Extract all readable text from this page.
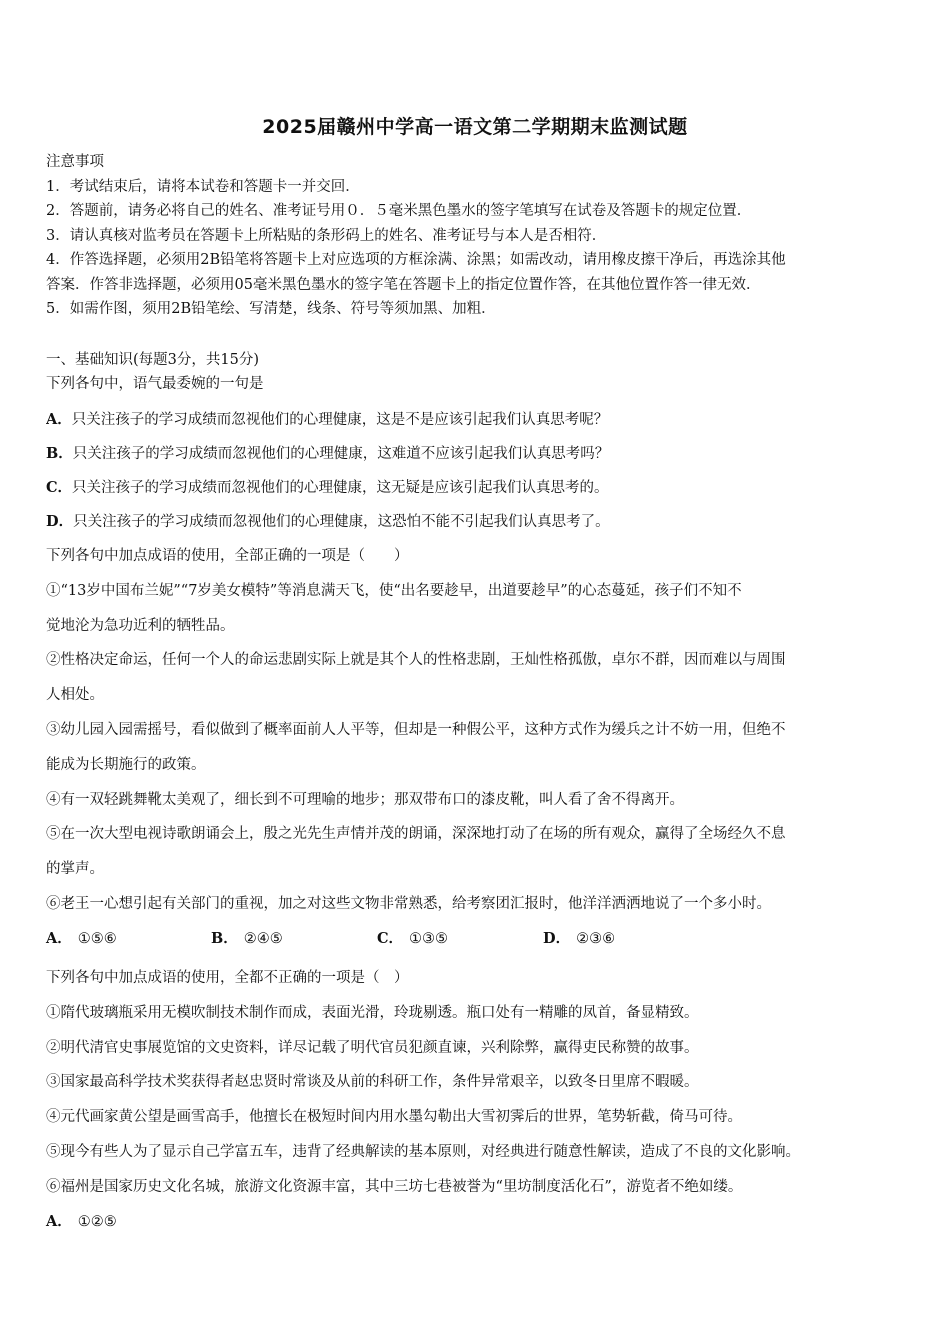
2025届赣州中学高一语文第二学期期末监测试题
注意事项
1．考试结束后，请将本试卷和答题卡一并交回．
2．答题前，请务必将自己的姓名、准考证号用０．５毫米黑色墨水的签字笔填写在试卷及答题卡的规定位置．
3．请认真核对监考员在答题卡上所粘贴的条形码上的姓名、准考证号与本人是否相符．
4．作答选择题，必须用2B铅笔将答题卡上对应选项的方框涂满、涂黑；如需改动，请用橡皮擦干净后，再选涂其他
答案．作答非选择题，必须用05毫米黑色墨水的签字笔在答题卡上的指定位置作答，在其他位置作答一律无效．
5．如需作图，须用2B铅笔绘、写清楚，线条、符号等须加黑、加粗．
一、基础知识(每题3分，共15分)
下列各句中，语气最委婉的一句是
A．只关注孩子的学习成绩而忽视他们的心理健康，这是不是应该引起我们认真思考呢？
B．只关注孩子的学习成绩而忽视他们的心理健康，这难道不应该引起我们认真思考吗？
C．只关注孩子的学习成绩而忽视他们的心理健康，这无疑是应该引起我们认真思考的。
D．只关注孩子的学习成绩而忽视他们的心理健康，这恐怕不能不引起我们认真思考了。
下列各句中加点成语的使用，全部正确的一项是（　　）
①“13岁中国布兰妮”“7岁美女模特”等消息满天飞，使“出名要趁早，出道要趁早”的心态蔓延，孩子们不知不
觉地沦为急功近利的牺牲品。
②性格决定命运，任何一个人的命运悲剧实际上就是其个人的性格悲剧，王灿性格孤傲，卓尔不群，因而难以与周围
人相处。
③幼儿园入园需摇号，看似做到了概率面前人人平等，但却是一种假公平，这种方式作为缓兵之计不妨一用，但绝不
能成为长期施行的政策。
④有一双轻跳舞靴太美观了，细长到不可理喻的地步；那双带布口的漆皮靴，叫人看了舍不得离开。
⑤在一次大型电视诗歌朗诵会上，殷之光先生声情并茂的朗诵，深深地打动了在场的所有观众，赢得了全场经久不息
的掌声。
⑥老王一心想引起有关部门的重视，加之对这些文物非常熟悉，给考察团汇报时，他洋洋洒洒地说了一个多小时。
A． ①⑤⑥	B． ②④⑤	C． ①③⑤	D． ②③⑥
下列各句中加点成语的使用，全都不正确的一项是（　）
①隋代玻璃瓶采用无模吹制技术制作而成，表面光滑，玲珑剔透。瓶口处有一精雕的凤首，备显精致。
②明代清官史事展览馆的文史资料，详尽记载了明代官员犯颜直谏，兴利除弊，赢得吏民称赞的故事。
③国家最高科学技术奖获得者赵忠贤时常谈及从前的科研工作，条件异常艰辛，以致冬日里席不暇暖。
④元代画家黄公望是画雪高手，他擅长在极短时间内用水墨勾勒出大雪初霁后的世界，笔势斩截，倚马可待。
⑤现今有些人为了显示自己学富五车，违背了经典解读的基本原则，对经典进行随意性解读，造成了不良的文化影响。
⑥福州是国家历史文化名城，旅游文化资源丰富，其中三坊七巷被誉为“里坊制度活化石”，游览者不绝如缕。
A． ①②⑤
